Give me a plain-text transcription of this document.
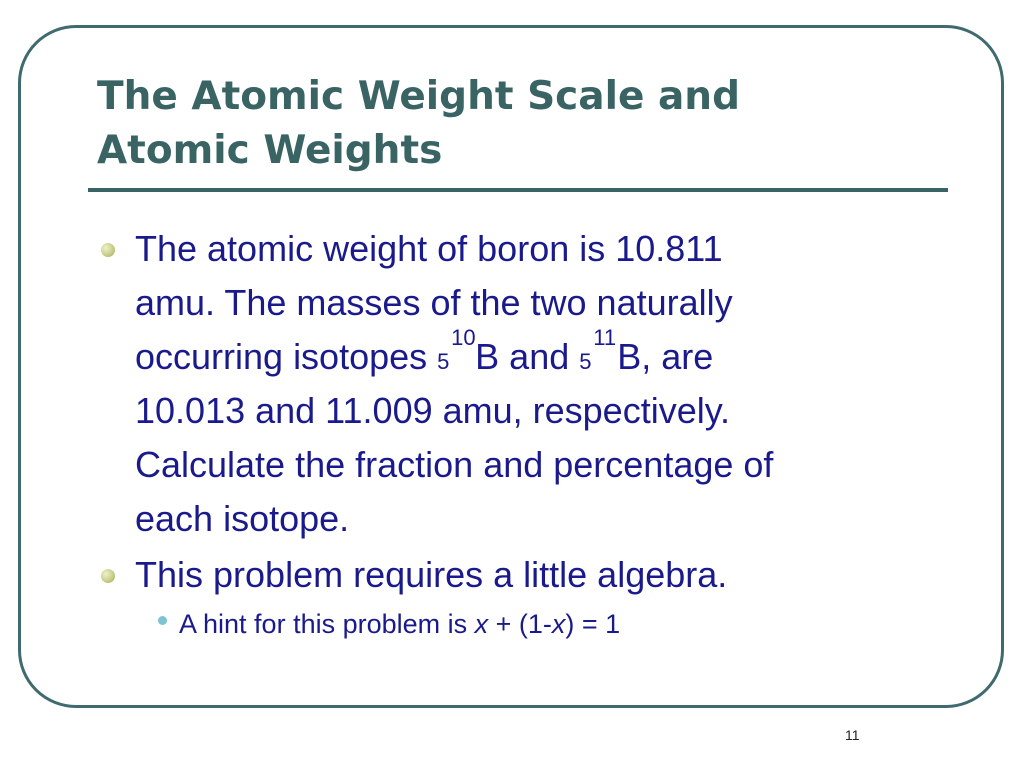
The Atomic Weight Scale and
Atomic Weights
The atomic weight of boron is 10.811
amu. The masses of the two naturally
occurring isotopes 5
10 B and 5
11 B, are
10.013 and 11.009 amu, respectively.
Calculate the fraction and percentage of
each isotope.
This problem requires a little algebra.
A hint for this problem is x + (1-x) = 1
11
